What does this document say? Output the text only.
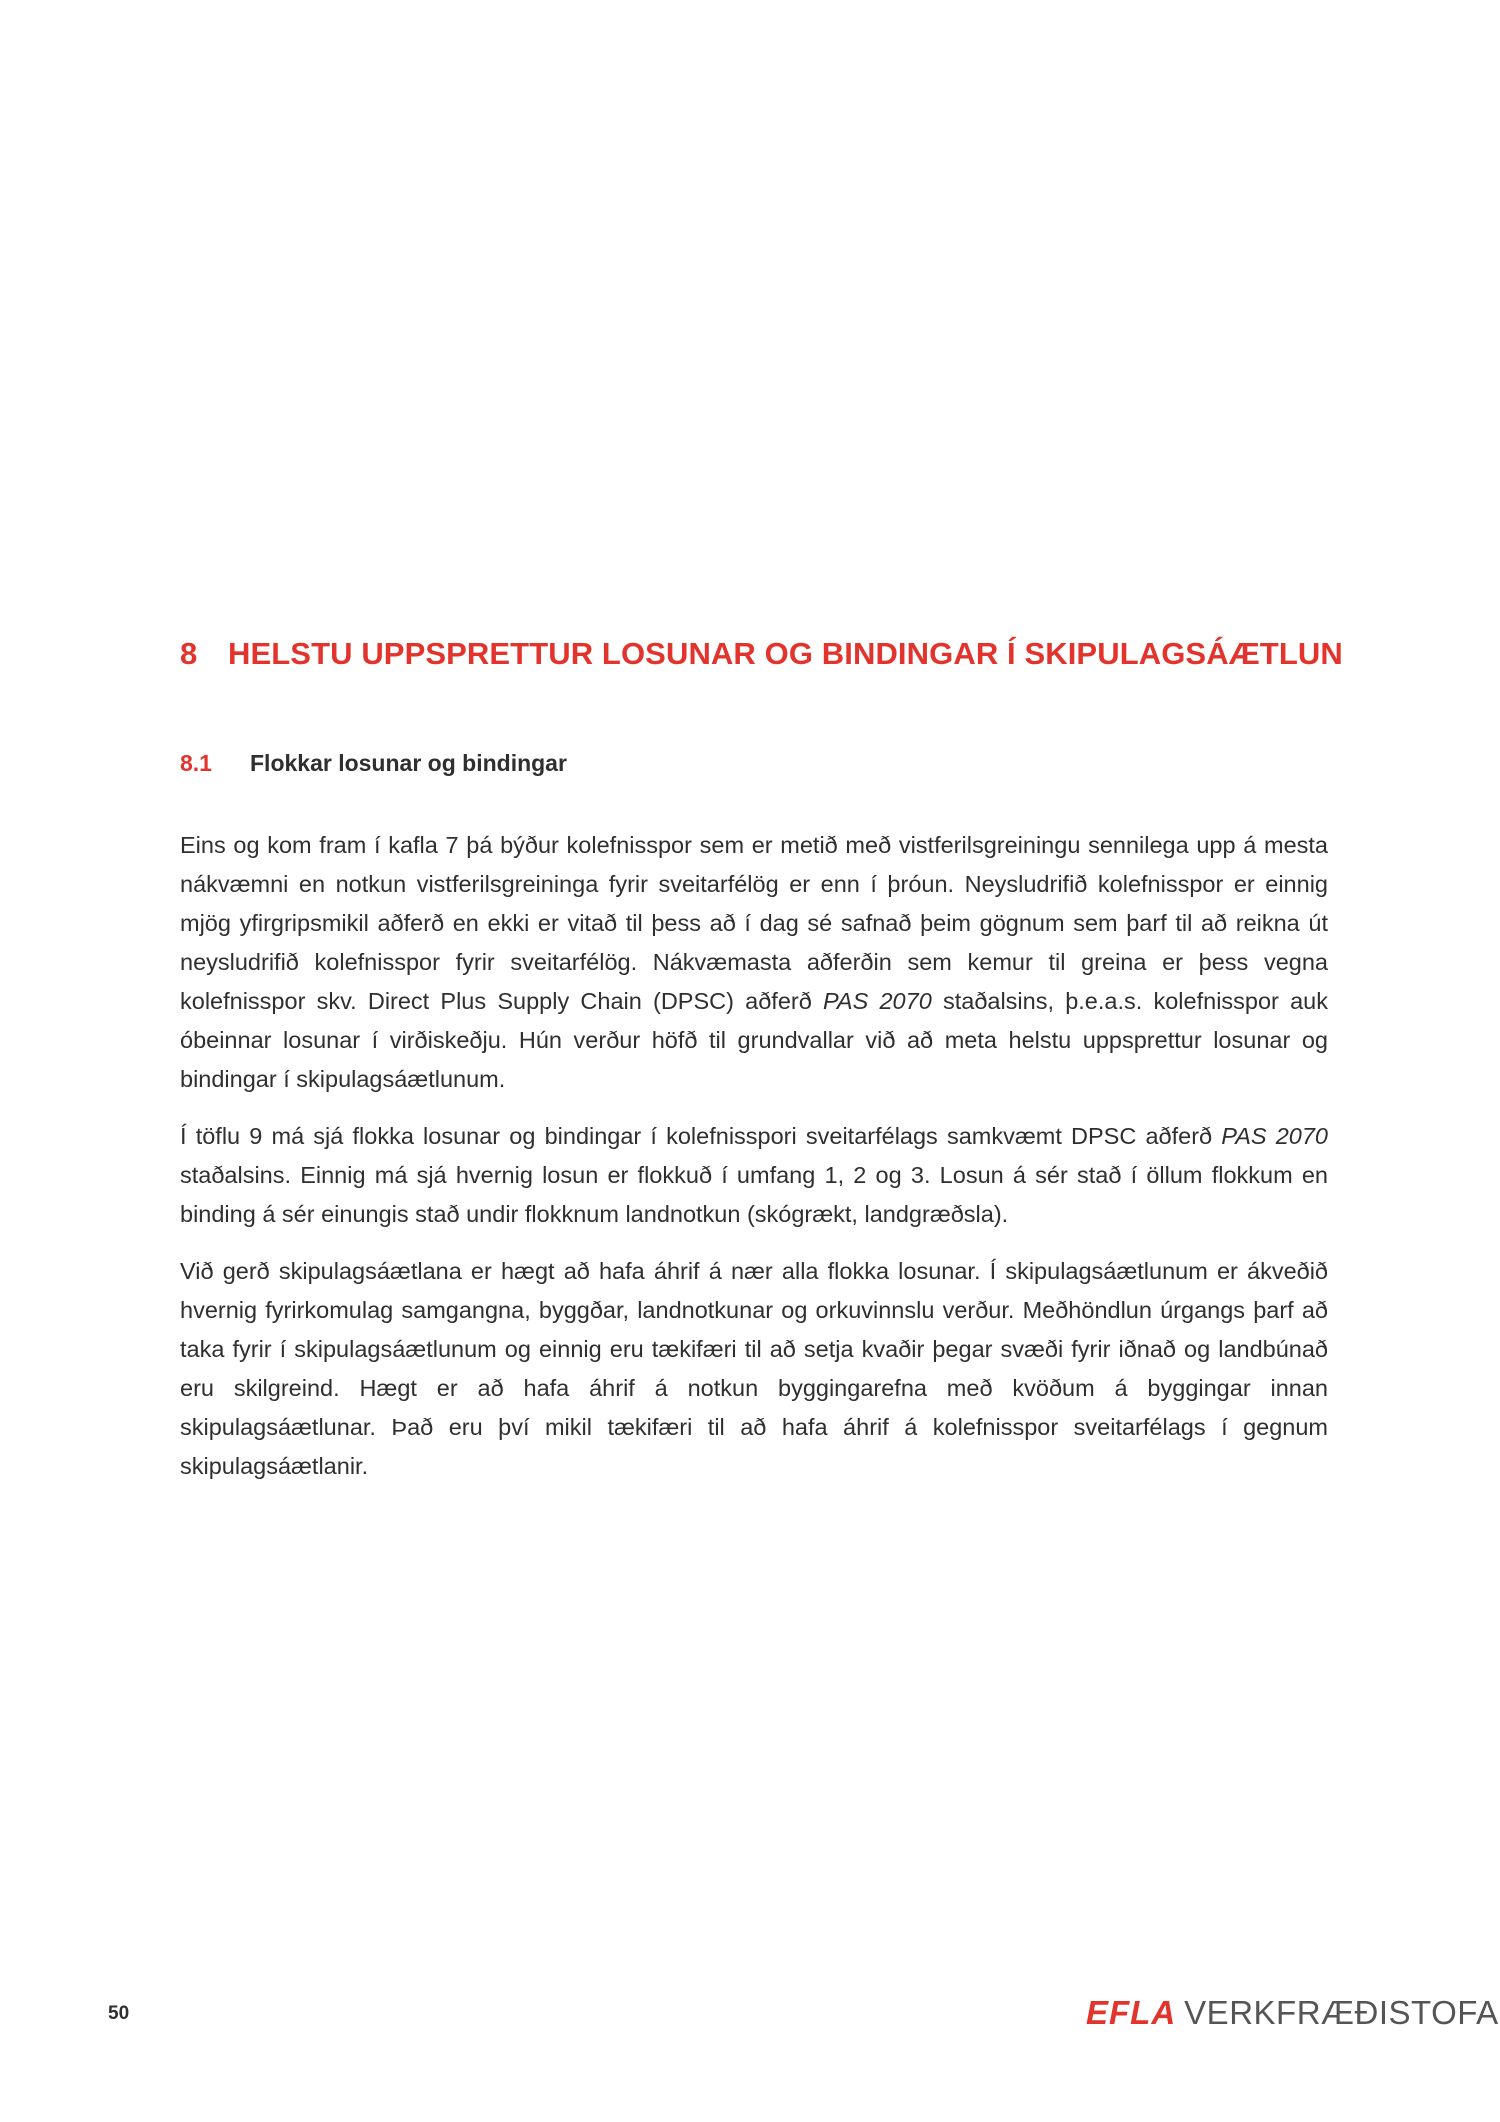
8 HELSTU UPPSPRETTUR LOSUNAR OG BINDINGAR Í SKIPULAGSÁÆTLUN
8.1 Flokkar losunar og bindingar

Eins og kom fram í kafla 7 þá býður kolefnisspor sem er metið með vistferilsgreiningu sennilega upp á mesta nákvæmni en notkun vistferilsgreininga fyrir sveitarfélög er enn í þróun. Neysludrifið kolefnisspor er einnig mjög yfirgripsmikil aðferð en ekki er vitað til þess að í dag sé safnað þeim gögnum sem þarf til að reikna út neysludrifið kolefnisspor fyrir sveitarfélög. Nákvæmasta aðferðin sem kemur til greina er þess vegna kolefnisspor skv. Direct Plus Supply Chain (DPSC) aðferð PAS 2070 staðalsins, þ.e.a.s. kolefnisspor auk óbeinnar losunar í virðiskeðju. Hún verður höfð til grundvallar við að meta helstu uppsprettur losunar og bindingar í skipulagsáætlunum.

Í töflu 9 má sjá flokka losunar og bindingar í kolefnisspori sveitarfélags samkvæmt DPSC aðferð PAS 2070 staðalsins. Einnig má sjá hvernig losun er flokkuð í umfang 1, 2 og 3. Losun á sér stað í öllum flokkum en binding á sér einungis stað undir flokknum landnotkun (skógrækt, landgræðsla).

Við gerð skipulagsáætlana er hægt að hafa áhrif á nær alla flokka losunar. Í skipulagsáætlunum er ákveðið hvernig fyrirkomulag samgangna, byggðar, landnotkunar og orkuvinnslu verður. Meðhöndlun úrgangs þarf að taka fyrir í skipulagsáætlunum og einnig eru tækifæri til að setja kvaðir þegar svæði fyrir iðnað og landbúnað eru skilgreind. Hægt er að hafa áhrif á notkun byggingarefna með kvöðum á byggingar innan skipulagsáætlunar. Það eru því mikil tækifæri til að hafa áhrif á kolefnisspor sveitarfélags í gegnum skipulagsáætlanir.

50	EFLA VERKFRÆÐISTOFA
